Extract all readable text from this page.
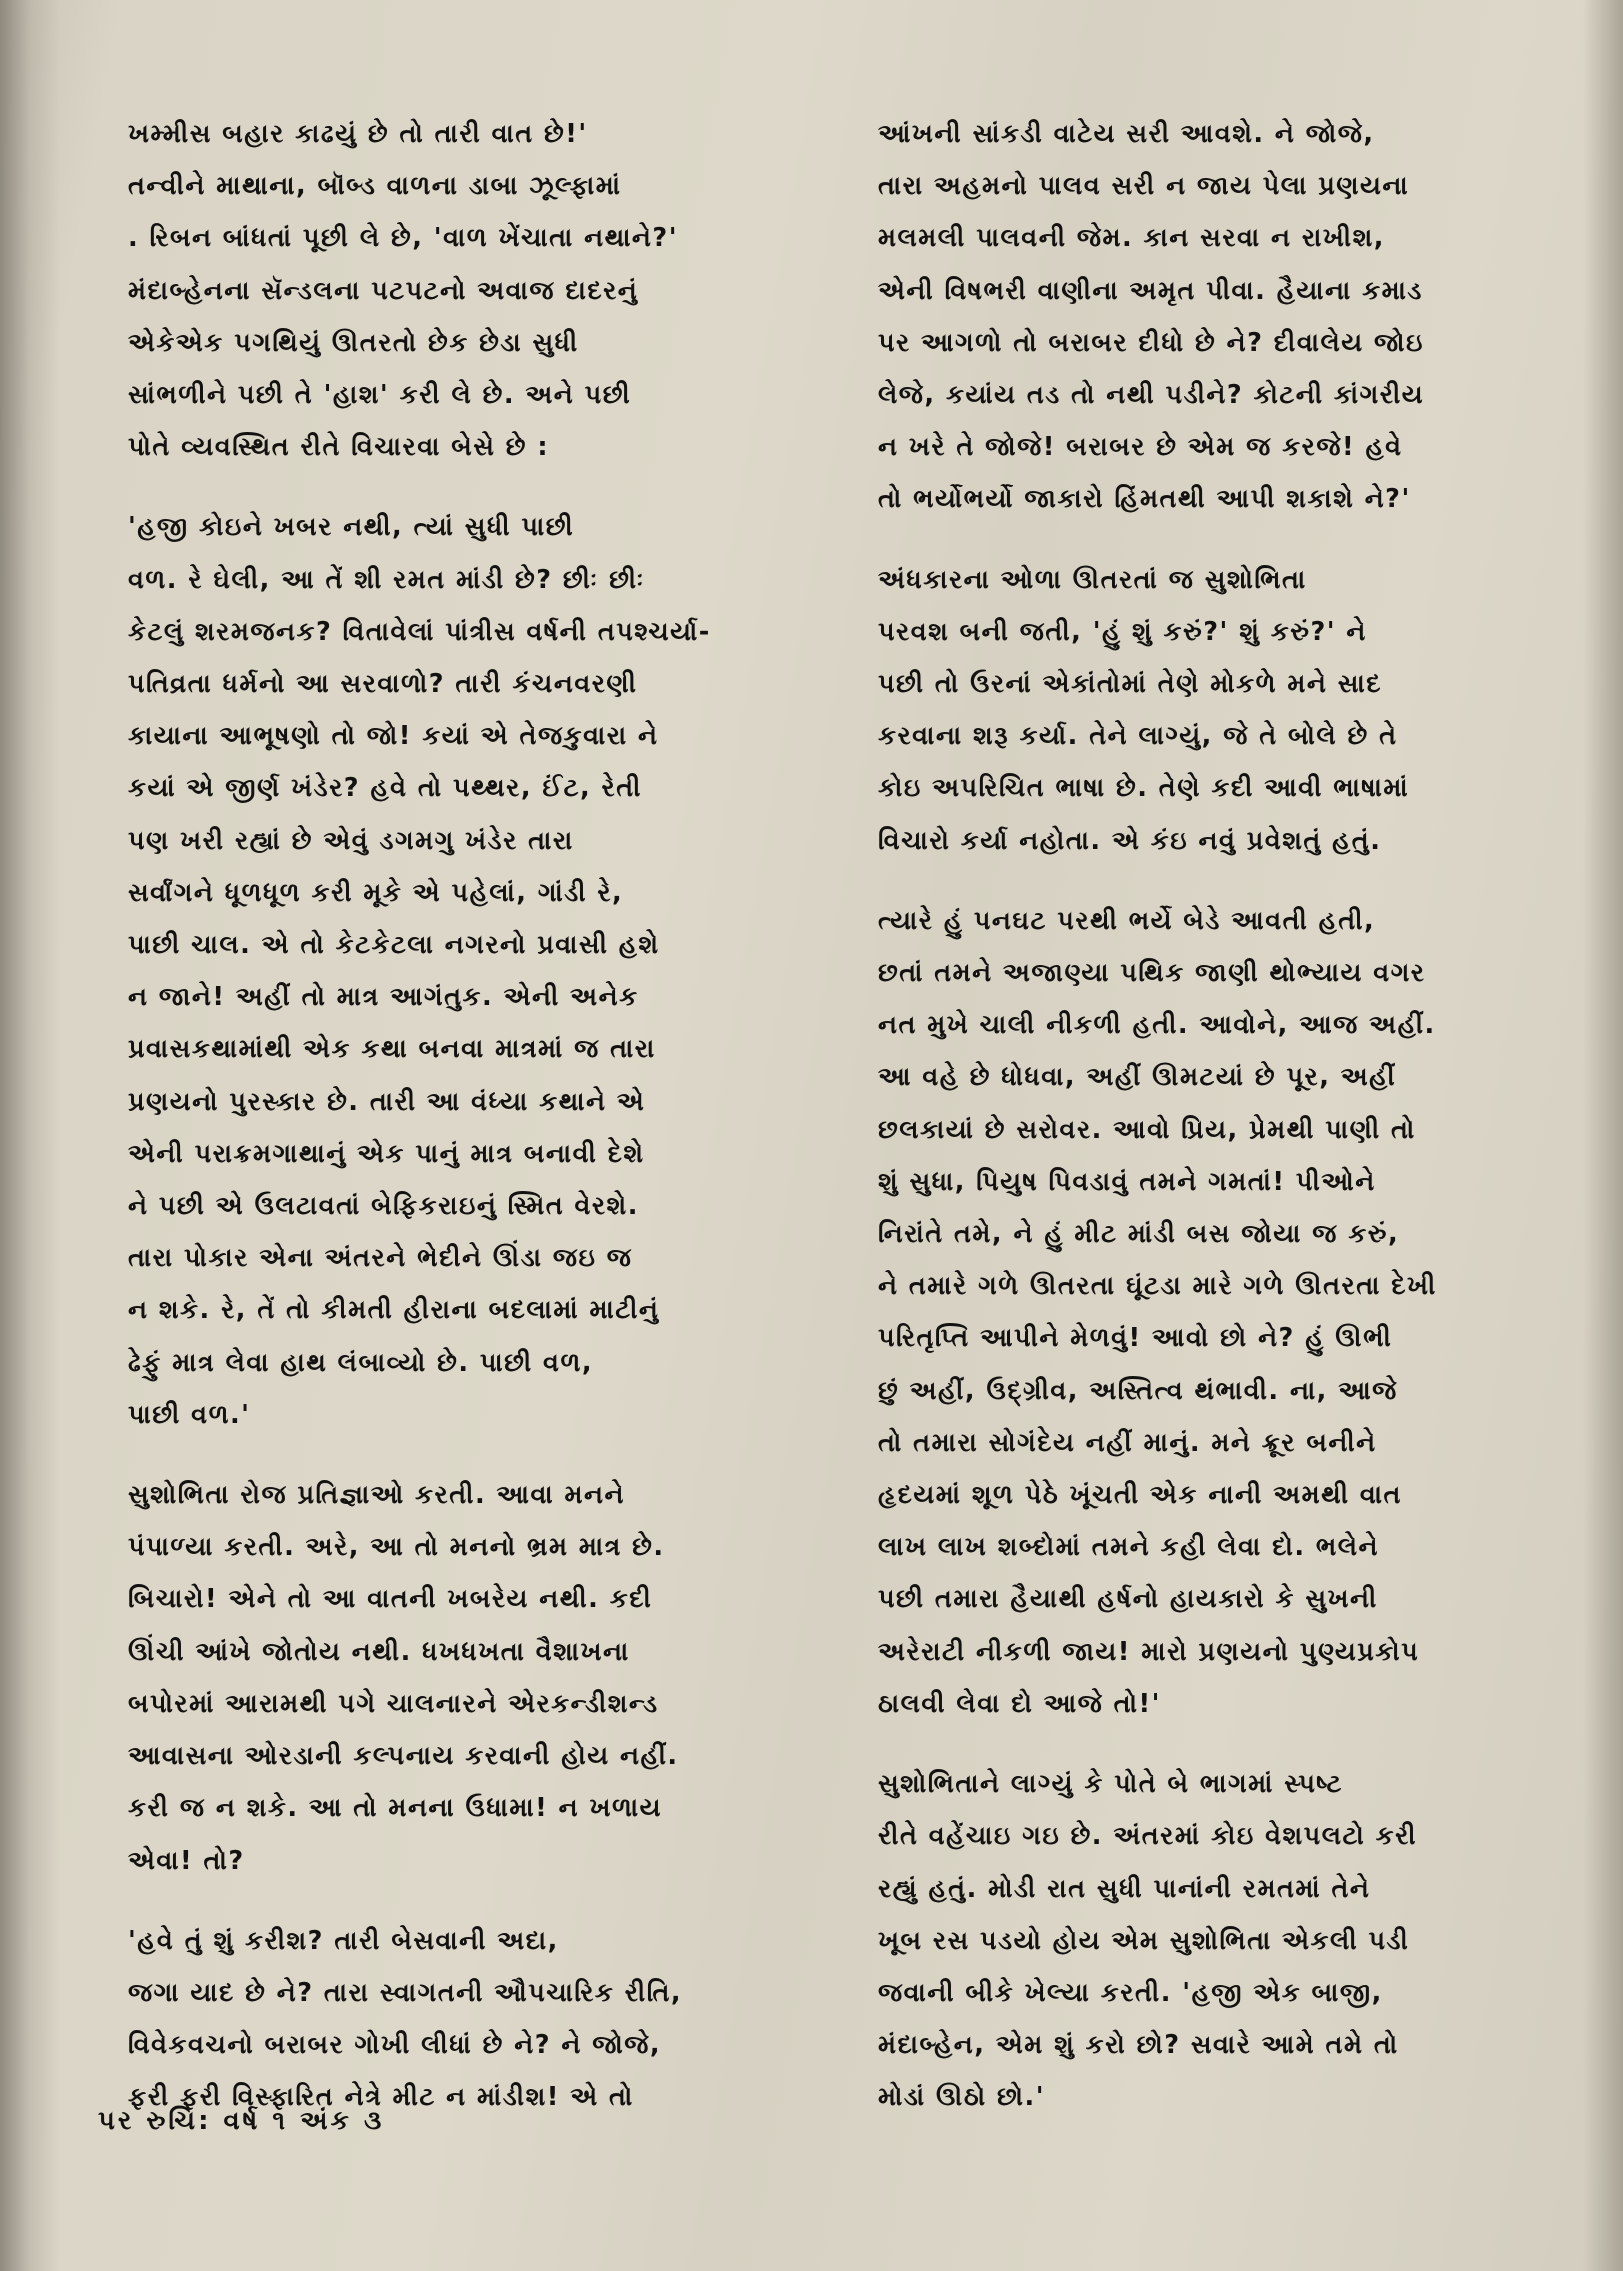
ખમ્મીસ બહાર કાઢયું છે તો તારી વાત છે!'
તન્વીને માથાના, બૉબ્ડ વાળના ડાબા ઝૂલ્ફામાં
. રિબન બાંધતાં પૂછી લે છે, 'વાળ ખેંચાતા નથાને?'
મંદાબ્હેનના સૅન્ડલના પટપટનો અવાજ દાદરનું
એકેએક પગથિયું ઊતરતો છેક છેડા સુધી
સાંભળીને પછી તે 'હાશ' કરી લે છે. અને પછી
પોતે વ્યવસ્થિત રીતે વિચારવા બેસે છે :
'હજી કોઇને ખબર નથી, ત્યાં સુધી પાછી
વળ. રે ઘેલી, આ તેં શી રમત માંડી છે? છીઃ છીઃ
કેટલું શરમજનક? વિતાવેલાં પાંત્રીસ વર્ષની તપશ્ચર્યા-
પતિવ્રતા ધર્મનો આ સરવાળો? તારી કંચનવરણી
કાયાના આભૂષણો તો જો! કયાં એ તેજકુવારા ને
કયાં એ જીર્ણ ખંડેર? હવે તો પથ્થર, ઈંટ, રેતી
પણ ખરી રહ્યાં છે એવું ડગમગુ ખંડેર તારા
સર્વાંગને ધૂળધૂળ કરી મૂકે એ પહેલાં, ગાંડી રે,
પાછી ચાલ. એ તો કેટકેટલા નગરનો પ્રવાસી હશે
ન જાને! અહીં તો માત્ર આગંતુક. એની અનેક
પ્રવાસકથામાંથી એક કથા બનવા માત્રમાં જ તારા
પ્રણયનો પુરસ્કાર છે. તારી આ વંધ્યા કથાને એ
એની પરાક્રમગાથાનું એક પાનું માત્ર બનાવી દેશે
ને પછી એ ઉલટાવતાં બેફિકરાઇનું સ્મિત વેરશે.
તારા પોકાર એના અંતરને ભેદીને ઊંડા જઇ જ
ન શકે. રે, તેં તો કીમતી હીરાના બદલામાં માટીનું
ઢેફું માત્ર લેવા હાથ લંબાવ્યો છે. પાછી વળ,
પાછી વળ.'
સુશોભિતા રોજ પ્રતિજ્ઞાઓ કરતી. આવા મનને
પંપાળ્યા કરતી. અરે, આ તો મનનો ભ્રમ માત્ર છે.
બિચારો! એને તો આ વાતની ખબરેય નથી. કદી
ઊંચી આંખે જોતોય નથી. ધખધખતા વૈશાખના
બપોરમાં આરામથી પગે ચાલનારને એરકન્ડીશન્ડ
આવાસના ઓરડાની કલ્પનાય કરવાની હોય નહીં.
કરી જ ન શકે. આ તો મનના ઉધામા! ન ખળાય
એવા! તો?
'હવે તું શું કરીશ? તારી બેસવાની અદા,
જગા યાદ છે ને? તારા સ્વાગતની ઔપચારિક રીતિ,
વિવેકવચનો બરાબર ગોખી લીધાં છે ને? ને જોજે,
ફરી ફરી વિસ્ફારિત નેત્રે મીટ ન માંડીશ! એ તો
આંખની સાંકડી વાટેય સરી આવશે. ને જોજે,
તારા અહમનો પાલવ સરી ન જાય પેલા પ્રણયના
મલમલી પાલવની જેમ. કાન સરવા ન રાખીશ,
એની વિષભરી વાણીના અમૃત પીવા. હૈયાના કમાડ
પર આગળો તો બરાબર દીધો છે ને? દીવાલેય જોઇ
લેજે, કયાંય તડ તો નથી પડીને? કોટની કાંગરીય
ન ખરે તે જોજે! બરાબર છે એમ જ કરજે! હવે
તો ભર્યોભર્યો જાકારો હિંમતથી આપી શકાશે ને?'
અંધકારના ઓળા ઊતરતાં જ સુશોભિતા
પરવશ બની જતી, 'હું શું કરું?' શું કરું?' ને
પછી તો ઉરનાં એકાંતોમાં તેણે મોકળે મને સાદ
કરવાના શરૂ કર્યા. તેને લાગ્યું, જે તે બોલે છે તે
કોઇ અપરિચિત ભાષા છે. તેણે કદી આવી ભાષામાં
વિચારો કર્યા નહોતા. એ કંઇ નવું પ્રવેશતું હતું.
ત્યારે હું પનઘટ પરથી ભર્યે બેડે આવતી હતી,
છતાં તમને અજાણ્યા પથિક જાણી થોભ્યાય વગર
નત મુખે ચાલી નીકળી હતી. આવોને, આજ અહીં.
આ વહે છે ધોધવા, અહીં ઊમટયાં છે પૂર, અહીં
છલકાયાં છે સરોવર. આવો પ્રિય, પ્રેમથી પાણી તો
શું સુધા, પિયુષ પિવડાવું તમને ગમતાં! પીઓને
નિરાંતે તમે, ને હું મીટ માંડી બસ જોયા જ કરું,
ને તમારે ગળે ઊતરતા ઘૂંટડા મારે ગળે ઊતરતા દેખી
પરિતૃપ્તિ આપીને મેળવું! આવો છો ને? હું ઊભી
છું અહીં, ઉદ્ગ્રીવ, અસ્તિત્વ થંભાવી. ના, આજે
તો તમારા સોગંદેય નહીં માનું. મને ક્રૂર બનીને
હૃદયમાં શૂળ પેઠે ખૂંચતી એક નાની અમથી વાત
લાખ લાખ શબ્દોમાં તમને કહી લેવા દો. ભલેને
પછી તમારા હૈયાથી હર્ષનો હાયકારો કે સુખની
અરેરાટી નીકળી જાય! મારો પ્રણયનો પુણ્યપ્રકોપ
ઠાલવી લેવા દો આજે તો!'
સુશોભિતાને લાગ્યું કે પોતે બે ભાગમાં સ્પષ્ટ
રીતે વહેંચાઇ ગઇ છે. અંતરમાં કોઇ વેશપલટો કરી
રહ્યું હતું. મોડી રાત સુધી પાનાંની રમતમાં તેને
ખૂબ રસ પડયો હોય એમ સુશોભિતા એકલી પડી
જવાની બીકે ખેલ્યા કરતી. 'હજી એક બાજી,
મંદાબ્હેન, એમ શું કરો છો? સવારે આમે તમે તો
મોડાં ઊઠો છો.'
પર રુચિ: વર્ષ ૧ અંક ૩
